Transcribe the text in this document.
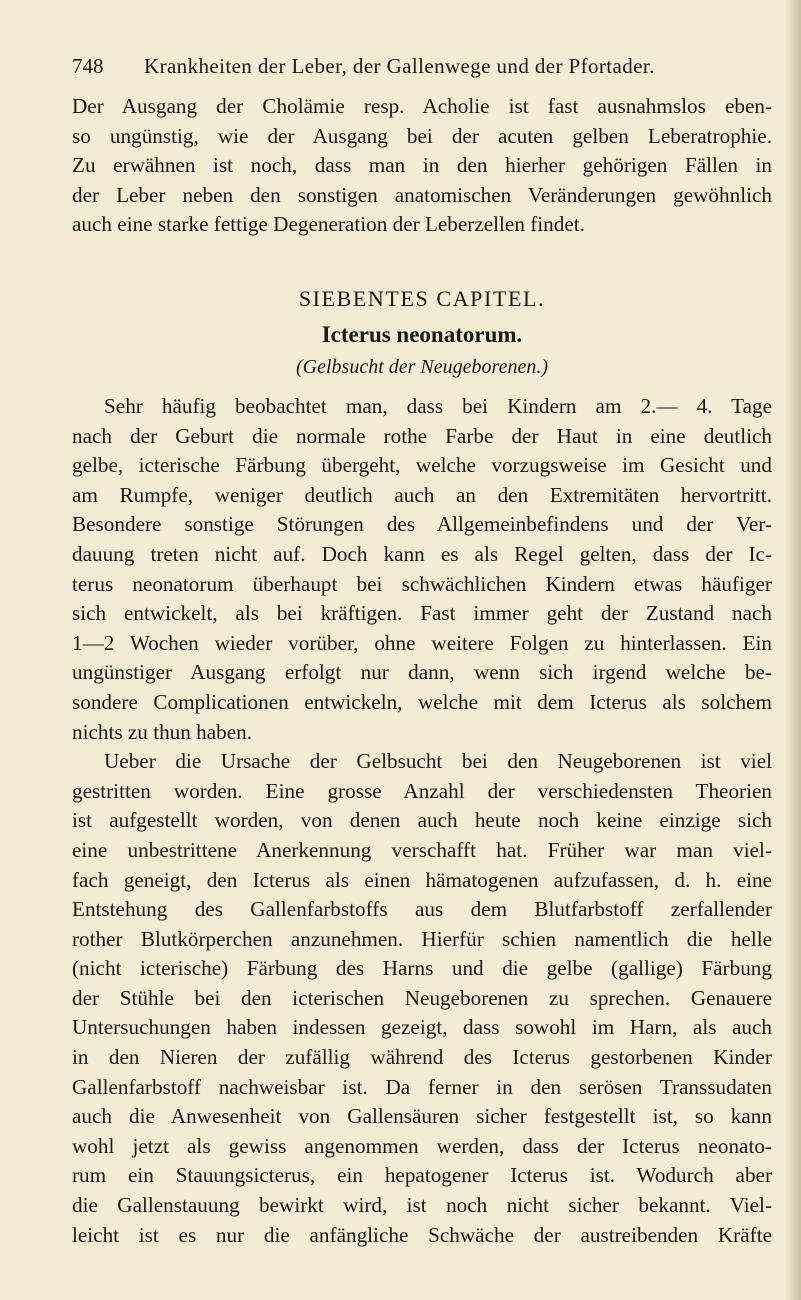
748 Krankheiten der Leber, der Gallenwege und der Pfortader.
Der Ausgang der Cholämie resp. Acholie ist fast ausnahmslos eben-
so ungünstig, wie der Ausgang bei der acuten gelben Leberatrophie.
Zu erwähnen ist noch, dass man in den hierher gehörigen Fällen in
der Leber neben den sonstigen anatomischen Veränderungen gewöhnlich
auch eine starke fettige Degeneration der Leberzellen findet.
SIEBENTES CAPITEL.
Icterus neonatorum.
(Gelbsucht der Neugeborenen.)
Sehr häufig beobachtet man, dass bei Kindern am 2.— 4. Tage
nach der Geburt die normale rothe Farbe der Haut in eine deutlich
gelbe, icterische Färbung übergeht, welche vorzugsweise im Gesicht und
am Rumpfe, weniger deutlich auch an den Extremitäten hervortritt.
Besondere sonstige Störungen des Allgemeinbefindens und der Ver-
dauung treten nicht auf. Doch kann es als Regel gelten, dass der Ic-
terus neonatorum überhaupt bei schwächlichen Kindern etwas häufiger
sich entwickelt, als bei kräftigen. Fast immer geht der Zustand nach
1—2 Wochen wieder vorüber, ohne weitere Folgen zu hinterlassen. Ein
ungünstiger Ausgang erfolgt nur dann, wenn sich irgend welche be-
sondere Complicationen entwickeln, welche mit dem Icterus als solchem
nichts zu thun haben.
Ueber die Ursache der Gelbsucht bei den Neugeborenen ist viel
gestritten worden. Eine grosse Anzahl der verschiedensten Theorien
ist aufgestellt worden, von denen auch heute noch keine einzige sich
eine unbestrittene Anerkennung verschafft hat. Früher war man viel-
fach geneigt, den Icterus als einen hämatogenen aufzufassen, d. h. eine
Entstehung des Gallenfarbstoffs aus dem Blutfarbstoff zerfallender
rother Blutkörperchen anzunehmen. Hierfür schien namentlich die helle
(nicht icterische) Färbung des Harns und die gelbe (gallige) Färbung
der Stühle bei den icterischen Neugeborenen zu sprechen. Genauere
Untersuchungen haben indessen gezeigt, dass sowohl im Harn, als auch
in den Nieren der zufällig während des Icterus gestorbenen Kinder
Gallenfarbstoff nachweisbar ist. Da ferner in den serösen Transsudaten
auch die Anwesenheit von Gallensäuren sicher festgestellt ist, so kann
wohl jetzt als gewiss angenommen werden, dass der Icterus neonato-
rum ein Stauungsicterus, ein hepatogener Icterus ist. Wodurch aber
die Gallenstauung bewirkt wird, ist noch nicht sicher bekannt. Viel-
leicht ist es nur die anfängliche Schwäche der austreibenden Kräfte
